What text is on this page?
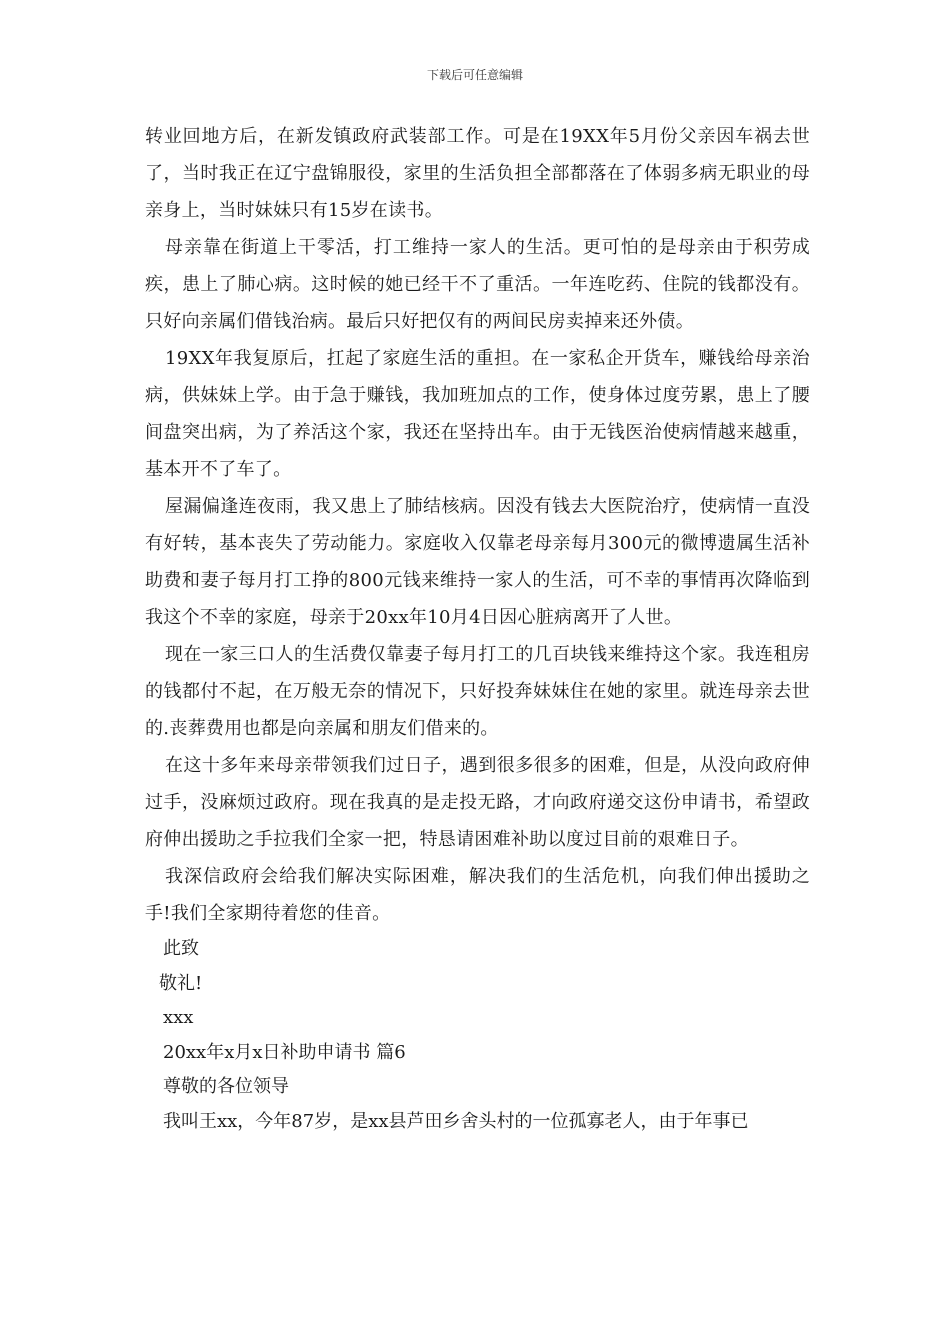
下载后可任意编辑

转业回地方后，在新发镇政府武装部工作。可是在19XX年5月份父亲因车祸去世了，当时我正在辽宁盘锦服役，家里的生活负担全部都落在了体弱多病无职业的母亲身上，当时妹妹只有15岁在读书。

母亲靠在街道上干零活，打工维持一家人的生活。更可怕的是母亲由于积劳成疾，患上了肺心病。这时候的她已经干不了重活。一年连吃药、住院的钱都没有。只好向亲属们借钱治病。最后只好把仅有的两间民房卖掉来还外债。

19XX年我复原后，扛起了家庭生活的重担。在一家私企开货车，赚钱给母亲治病，供妹妹上学。由于急于赚钱，我加班加点的工作，使身体过度劳累，患上了腰间盘突出病，为了养活这个家，我还在坚持出车。由于无钱医治使病情越来越重，基本开不了车了。

屋漏偏逢连夜雨，我又患上了肺结核病。因没有钱去大医院治疗，使病情一直没有好转，基本丧失了劳动能力。家庭收入仅靠老母亲每月300元的微博遗属生活补助费和妻子每月打工挣的800元钱来维持一家人的生活，可不幸的事情再次降临到我这个不幸的家庭，母亲于20xx年10月4日因心脏病离开了人世。

现在一家三口人的生活费仅靠妻子每月打工的几百块钱来维持这个家。我连租房的钱都付不起，在万般无奈的情况下，只好投奔妹妹住在她的家里。就连母亲去世的.丧葬费用也都是向亲属和朋友们借来的。

在这十多年来母亲带领我们过日子，遇到很多很多的困难，但是，从没向政府伸过手，没麻烦过政府。现在我真的是走投无路，才向政府递交这份申请书，希望政府伸出援助之手拉我们全家一把，特恳请困难补助以度过目前的艰难日子。

我深信政府会给我们解决实际困难，解决我们的生活危机，向我们伸出援助之手!我们全家期待着您的佳音。

此致

敬礼!

xxx

20xx年x月x日补助申请书 篇6

尊敬的各位领导

我叫王xx，今年87岁，是xx县芦田乡舍头村的一位孤寡老人，由于年事已
